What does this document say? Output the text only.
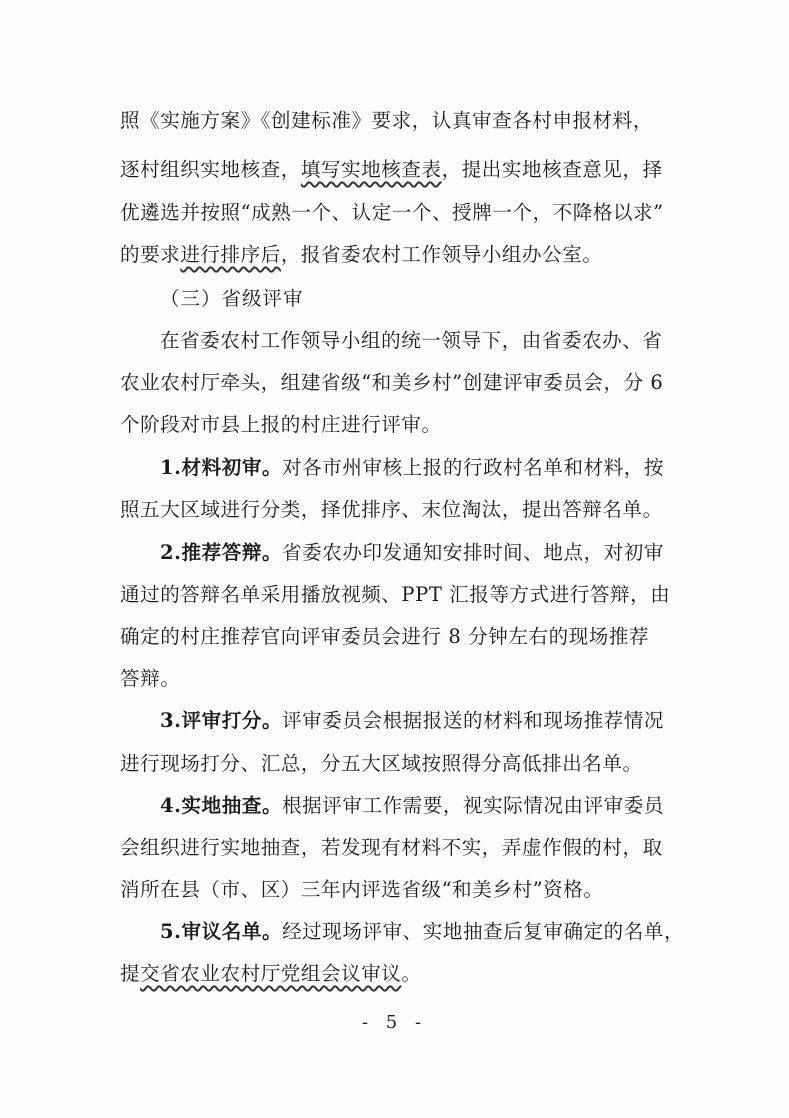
照《实施方案》《创建标准》要求，认真审查各村申报材料，
逐村组织实地核查，填写实地核查表，提出实地核查意见，择
优遴选并按照“成熟一个、认定一个、授牌一个，不降格以求”
的要求进行排序后，报省委农村工作领导小组办公室。
（三）省级评审
在省委农村工作领导小组的统一领导下，由省委农办、省
农业农村厅牵头，组建省级“和美乡村”创建评审委员会，分 6
个阶段对市县上报的村庄进行评审。
1.材料初审。对各市州审核上报的行政村名单和材料，按
照五大区域进行分类，择优排序、末位淘汰，提出答辩名单。
2.推荐答辩。省委农办印发通知安排时间、地点，对初审
通过的答辩名单采用播放视频、PPT 汇报等方式进行答辩，由
确定的村庄推荐官向评审委员会进行 8 分钟左右的现场推荐
答辩。
3.评审打分。评审委员会根据报送的材料和现场推荐情况
进行现场打分、汇总，分五大区域按照得分高低排出名单。
4.实地抽查。根据评审工作需要，视实际情况由评审委员
会组织进行实地抽查，若发现有材料不实，弄虚作假的村，取
消所在县（市、区）三年内评选省级“和美乡村”资格。
5.审议名单。经过现场评审、实地抽查后复审确定的名单，
提交省农业农村厅党组会议审议。
- 5 -
